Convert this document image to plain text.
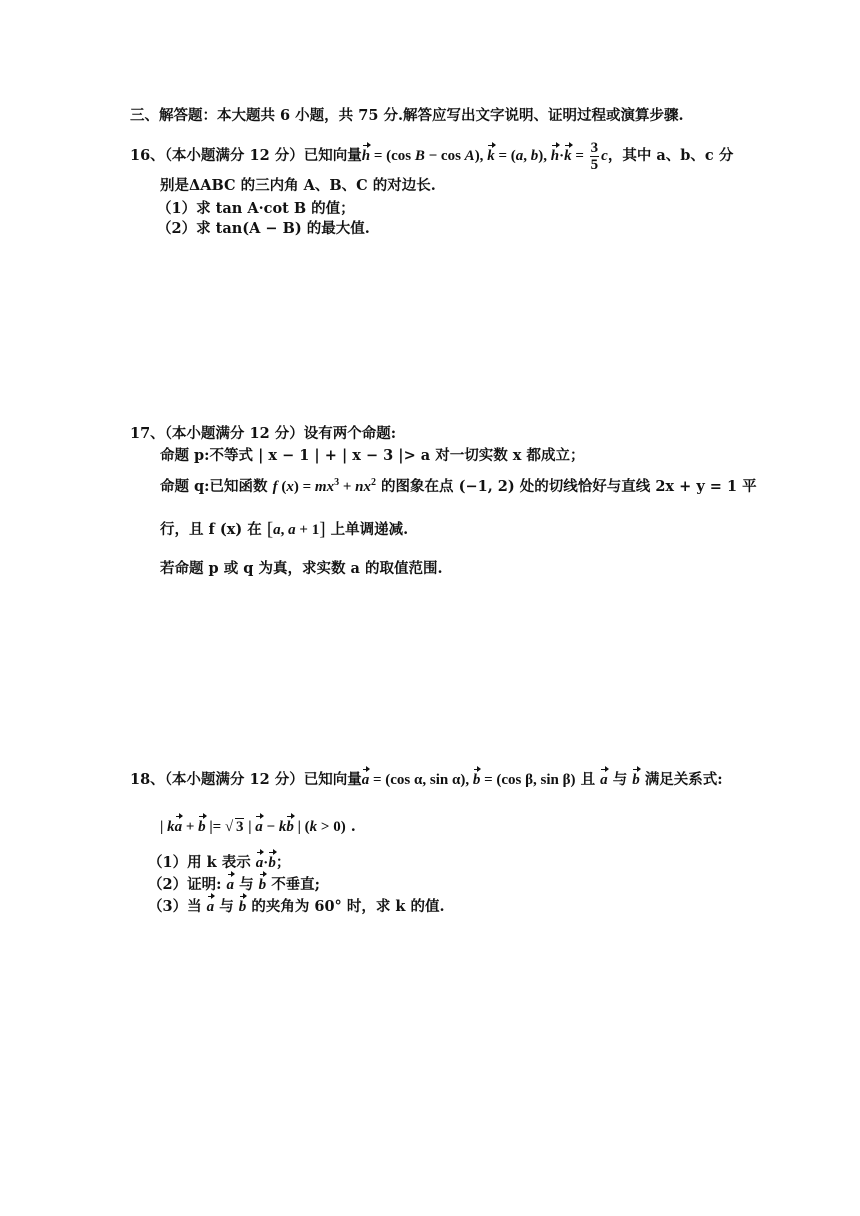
三、解答题：本大题共 6 小题，共 75 分.解答应写出文字说明、证明过程或演算步骤.
16、（本小题满分 12 分）已知向量h = (cos B − cos A), k = (a, b), $h\cdot k = \frac{3}{5}$ c，其中 a、b、c 分
别是ΔABC 的三内角 A、B、C 的对边长.
（1）求 tan A·cot B 的值；
（2）求 tan(A − B) 的最大值.
17、（本小题满分 12 分）设有两个命题:
命题 p:不等式 | x − 1 | + | x − 3 |> a 对一切实数 x 都成立；
命题 q:已知函数 f $(x) = mx^3 + nx^2$ 的图象在点 (−1, 2) 处的切线恰好与直线 2x + y = 1 平
行，且 f (x) 在 [a, a + 1] 上单调递减.
若命题 p 或 q 为真，求实数 a 的取值范围.
18、（本小题满分 12 分）已知向量a = (cos α, sin α), b = (cos β, sin β) 且 a 与 b 满足关系式:
| ka + b |= √ 3 | a − kb | (k > 0) .
（1）用 k 表示 a·b；
（2）证明: a 与 b 不垂直;
（3）当 a 与 b 的夹角为 60° 时，求 k 的值.
